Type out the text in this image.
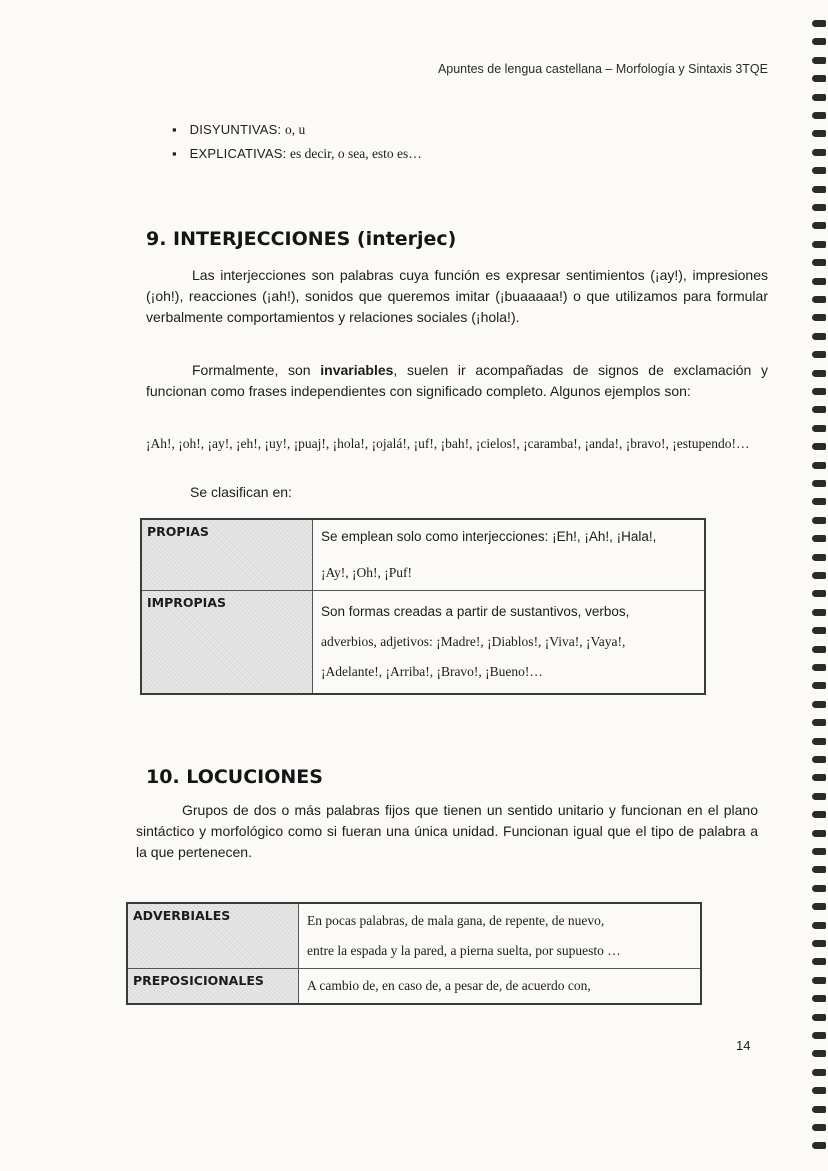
Apuntes de lengua castellana – Morfología y Sintaxis 3TQE
▪ DISYUNTIVAS: o, u
▪ EXPLICATIVAS: es decir, o sea, esto es…
9. INTERJECCIONES (interjec)

Las interjecciones son palabras cuya función es expresar sentimientos (¡ay!), impresiones (¡oh!), reacciones (¡ah!), sonidos que queremos imitar (¡buaaaaa!) o que utilizamos para formular verbalmente comportamientos y relaciones sociales (¡hola!).

Formalmente, son invariables, suelen ir acompañadas de signos de exclamación y funcionan como frases independientes con significado completo. Algunos ejemplos son:

¡Ah!, ¡oh!, ¡ay!, ¡eh!, ¡uy!, ¡puaj!, ¡hola!, ¡ojalá!, ¡uf!, ¡bah!, ¡cielos!, ¡caramba!, ¡anda!, ¡bravo!, ¡estupendo!…

Se clasifican en:

PROPIAS	Se emplean solo como interjecciones: ¡Eh!, ¡Ah!, ¡Hala!,
¡Ay!, ¡Oh!, ¡Puf!

IMPROPIAS	Son formas creadas a partir de sustantivos, verbos,
adverbios, adjetivos: ¡Madre!, ¡Diablos!, ¡Viva!, ¡Vaya!,
¡Adelante!, ¡Arriba!, ¡Bravo!, ¡Bueno!…
10. LOCUCIONES

Grupos de dos o más palabras fijos que tienen un sentido unitario y funcionan en el plano sintáctico y morfológico como si fueran una única unidad. Funcionan igual que el tipo de palabra a la que pertenecen.

ADVERBIALES	En pocas palabras, de mala gana, de repente, de nuevo,
entre la espada y la pared, a pierna suelta, por supuesto …

PREPOSICIONALES	A cambio de, en caso de, a pesar de, de acuerdo con,
14
